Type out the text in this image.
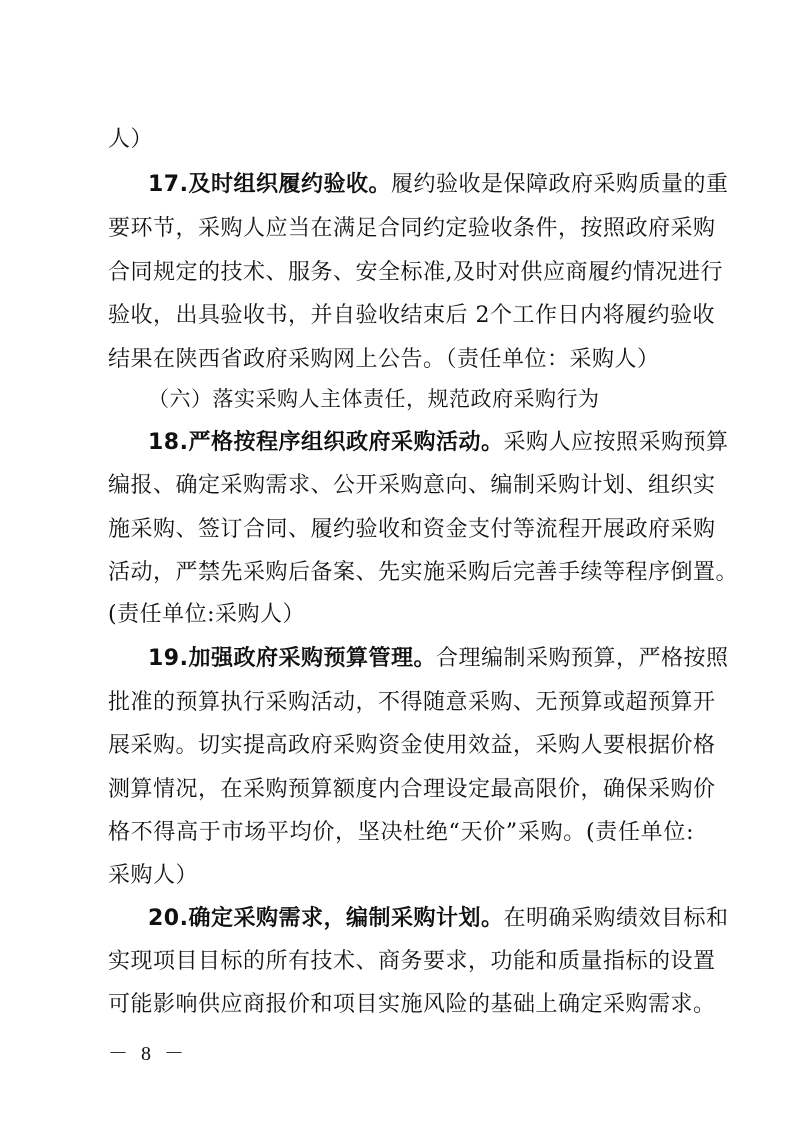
人）
17.及时组织履约验收。履约验收是保障政府采购质量的重
要环节，采购人应当在满足合同约定验收条件，按照政府采购
合同规定的技术、服务、安全标准,及时对供应商履约情况进行
验收，出具验收书，并自验收结束后 2个工作日内将履约验收
结果在陕西省政府采购网上公告。（责任单位：采购人）
（六）落实采购人主体责任，规范政府采购行为
18.严格按程序组织政府采购活动。采购人应按照采购预算
编报、确定采购需求、公开采购意向、编制采购计划、组织实
施采购、签订合同、履约验收和资金支付等流程开展政府采购
活动，严禁先采购后备案、先实施采购后完善手续等程序倒置。
(责任单位:采购人）
19.加强政府采购预算管理。合理编制采购预算，严格按照
批准的预算执行采购活动，不得随意采购、无预算或超预算开
展采购。切实提高政府采购资金使用效益，采购人要根据价格
测算情况，在采购预算额度内合理设定最高限价，确保采购价
格不得高于市场平均价，坚决杜绝“天价”采购。(责任单位:
采购人）
20.确定采购需求，编制采购计划。在明确采购绩效目标和
实现项目目标的所有技术、商务要求，功能和质量指标的设置
可能影响供应商报价和项目实施风险的基础上确定采购需求。
－ 8 －
